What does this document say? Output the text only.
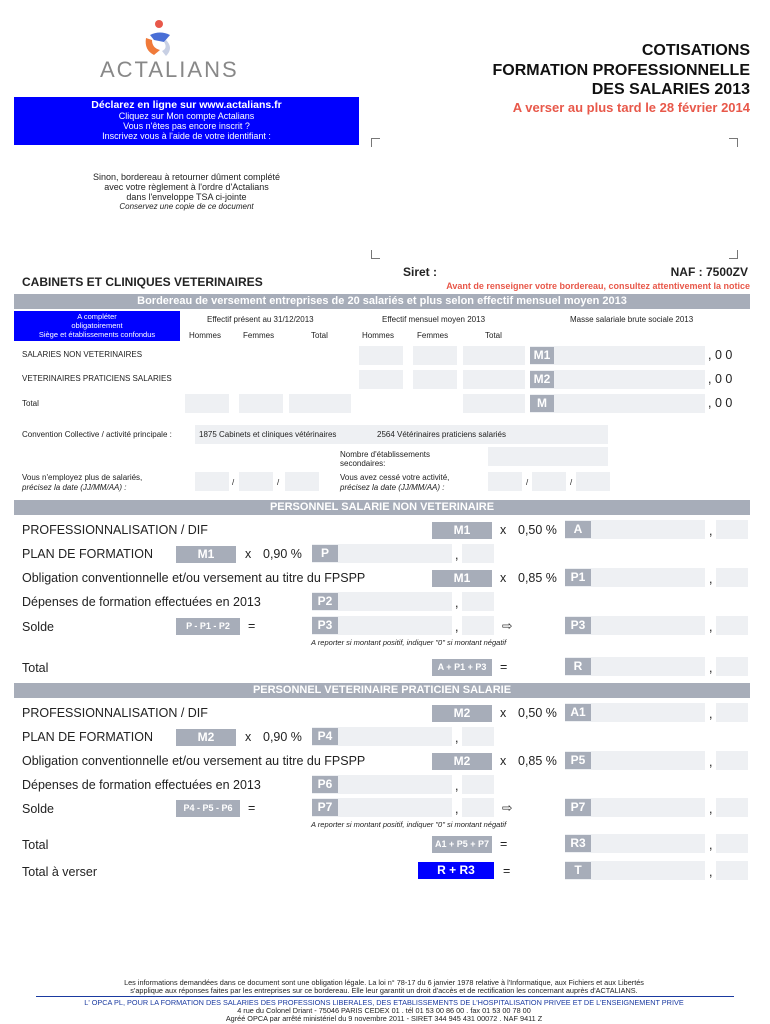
ACTALIANS
COTISATIONS
FORMATION PROFESSIONNELLE
DES SALARIES 2013
A verser au plus tard le 28 février 2014
Déclarez en ligne sur www.actalians.fr
Cliquez sur Mon compte Actalians
Vous n'êtes pas encore inscrit ?
Inscrivez vous à l'aide de votre identifiant :
Sinon, bordereau à retourner dûment complété
avec votre règlement à l'ordre d'Actalians
dans l'enveloppe TSA ci-jointe
Conservez une copie de ce document
CABINETS ET CLINIQUES VETERINAIRES
Siret :	NAF : 7500ZV
Avant de renseigner votre bordereau, consultez attentivement la notice
Bordereau de versement entreprises de 20 salariés et plus selon effectif mensuel moyen 2013
A compléter
obligatoirement
Siège et établissements confondus
Effectif présent au 31/12/2013	Effectif mensuel moyen 2013	Masse salariale brute sociale 2013
Hommes	Femmes	Total	Hommes	Femmes	Total
SALARIES NON VETERINAIRES	M1	, 0 0
VETERINAIRES PRATICIENS SALARIES	M2	, 0 0
Total	M	, 0 0
Convention Collective / activité principale :	1875 Cabinets et cliniques vétérinaires	2564 Vétérinaires praticiens salariés
Nombre d'établissements
secondaires:
Vous n'employez plus de salariés,
précisez la date (JJ/MM/AA) :
/	/
Vous avez cessé votre activité,
précisez la date (JJ/MM/AA) :
/	/
PERSONNEL SALARIE NON VETERINAIRE
PROFESSIONNALISATION / DIF	M1	x 0,50 %	A	,
PLAN DE FORMATION	M1	x 0,90 %	P	,
Obligation conventionnelle et/ou versement au titre du FPSPP	M1	x 0,85 %	P1	,
Dépenses de formation effectuées en 2013	P2	,
Solde	P - P1 - P2	=	P3	,	⇨	P3	,
A reporter si montant positif, indiquer "0" si montant négatif
Total	A + P1 + P3	=	R	,
PERSONNEL VETERINAIRE PRATICIEN SALARIE
PROFESSIONNALISATION / DIF	M2	x 0,50 %	A1	,
PLAN DE FORMATION	M2	x 0,90 %	P4	,
Obligation conventionnelle et/ou versement au titre du FPSPP	M2	x 0,85 %	P5	,
Dépenses de formation effectuées en 2013	P6	,
Solde	P4 - P5 - P6	=	P7	,	⇨	P7	,
A reporter si montant positif, indiquer "0" si montant négatif
Total	A1 + P5 + P7 =	R3	,
Total à verser	R + R3	=	T	,
Les informations demandées dans ce document sont une obligation légale. La loi n° 78-17 du 6 janvier 1978 relative à l'Informatique, aux Fichiers et aux Libertés
s'applique aux réponses faites par les entreprises sur ce bordereau. Elle leur garantit un droit d'accès et de rectification les concernant auprès d'ACTALIANS.
L' OPCA PL, POUR LA FORMATION DES SALARIES DES PROFESSIONS LIBERALES, DES ETABLISSEMENTS DE L'HOSPITALISATION PRIVEE ET DE L'ENSEIGNEMENT PRIVE
4 rue du Colonel Driant - 75046 PARIS CEDEX 01 . tél 01 53 00 86 00 . fax 01 53 00 78 00
Agréé OPCA par arrêté ministériel du 9 novembre 2011 - SIRET 344 945 431 00072 . NAF 9411 Z
